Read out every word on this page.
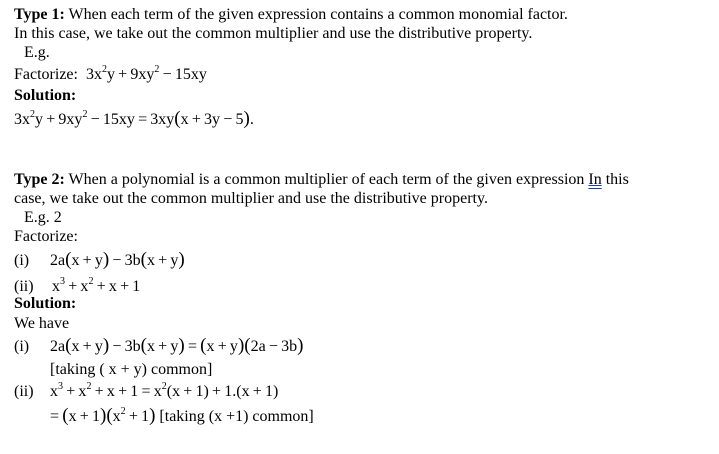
Type 1: When each term of the given expression contains a common monomial factor.
In this case, we take out the common multiplier and use the distributive property.
E.g.
Factorize: $3x^2y + 9xy^2 - 15xy$
Solution:
$3x^2y + 9xy^2 - 15xy = 3xy(x + 3y - 5)$.
Type 2: When a polynomial is a common multiplier of each term of the given expression In this
case, we take out the common multiplier and use the distributive property.
E.g. 2
Factorize:
(i) 2a(x + y) − 3b(x + y)
(ii) $x^3 + x^2 + x + 1$
Solution:
We have
(i) 2a(x + y) − 3b(x + y) = (x + y)(2a − 3b)
[taking ( x + y) common]
(ii) $x^3 + x^2 + x + 1 = x^2(x + 1) + 1.(x + 1)$
= $(x + 1)(x^2 + 1)$ [taking (x +1) common]
